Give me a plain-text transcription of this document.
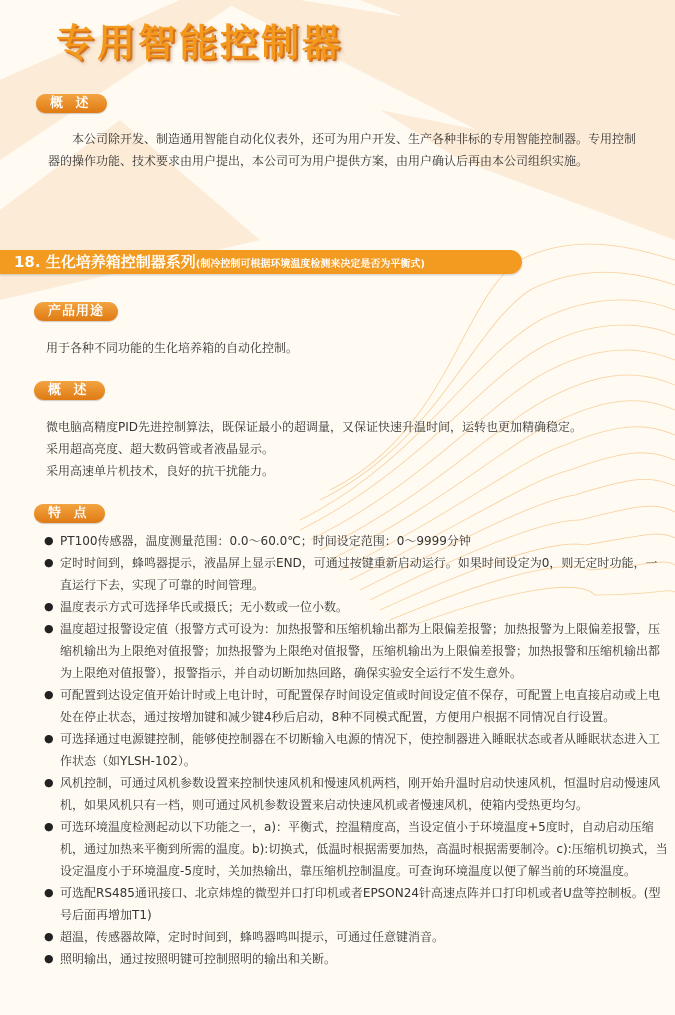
专用智能控制器
概 述
本公司除开发、制造通用智能自动化仪表外，还可为用户开发、生产各种非标的专用智能控制器。专用控制器的操作功能、技术要求由用户提出，本公司可为用户提供方案，由用户确认后再由本公司组织实施。
18. 生化培养箱控制器系列(制冷控制可根据环境温度检测来决定是否为平衡式)
产品用途
用于各种不同功能的生化培养箱的自动化控制。
概 述
微电脑高精度PID先进控制算法，既保证最小的超调量，又保证快速升温时间，运转也更加精确稳定。
采用超高亮度、超大数码管或者液晶显示。
采用高速单片机技术，良好的抗干扰能力。
特 点
● PT100传感器，温度测量范围：0.0～60.0℃；时间设定范围：0～9999分钟
● 定时时间到，蜂鸣器提示，液晶屏上显示END，可通过按键重新启动运行。如果时间设定为0，则无定时功能，一直运行下去，实现了可靠的时间管理。
● 温度表示方式可选择华氏或摄氏；无小数或一位小数。
● 温度超过报警设定值（报警方式可设为：加热报警和压缩机输出都为上限偏差报警；加热报警为上限偏差报警，压缩机输出为上限绝对值报警；加热报警为上限绝对值报警，压缩机输出为上限偏差报警；加热报警和压缩机输出都为上限绝对值报警），报警指示，并自动切断加热回路，确保实验安全运行不发生意外。
● 可配置到达设定值开始计时或上电计时，可配置保存时间设定值或时间设定值不保存，可配置上电直接启动或上电处在停止状态，通过按增加键和减少键4秒后启动，8种不同模式配置，方便用户根据不同情况自行设置。
● 可选择通过电源键控制，能够使控制器在不切断输入电源的情况下，使控制器进入睡眠状态或者从睡眠状态进入工作状态（如YLSH-102）。
● 风机控制，可通过风机参数设置来控制快速风机和慢速风机两档，刚开始升温时启动快速风机，恒温时启动慢速风机，如果风机只有一档，则可通过风机参数设置来启动快速风机或者慢速风机，使箱内受热更均匀。
● 可选环境温度检测起动以下功能之一，a)：平衡式，控温精度高，当设定值小于环境温度+5度时，自动启动压缩机，通过加热来平衡到所需的温度。b):切换式，低温时根据需要加热，高温时根据需要制冷。c):压缩机切换式，当设定温度小于环境温度-5度时，关加热输出，靠压缩机控制温度。可查询环境温度以便了解当前的环境温度。
● 可选配RS485通讯接口、北京炜煌的微型并口打印机或者EPSON24针高速点阵并口打印机或者U盘等控制板。(型号后面再增加T1)
● 超温，传感器故障，定时时间到，蜂鸣器鸣叫提示，可通过任意键消音。
● 照明输出，通过按照明键可控制照明的输出和关断。
